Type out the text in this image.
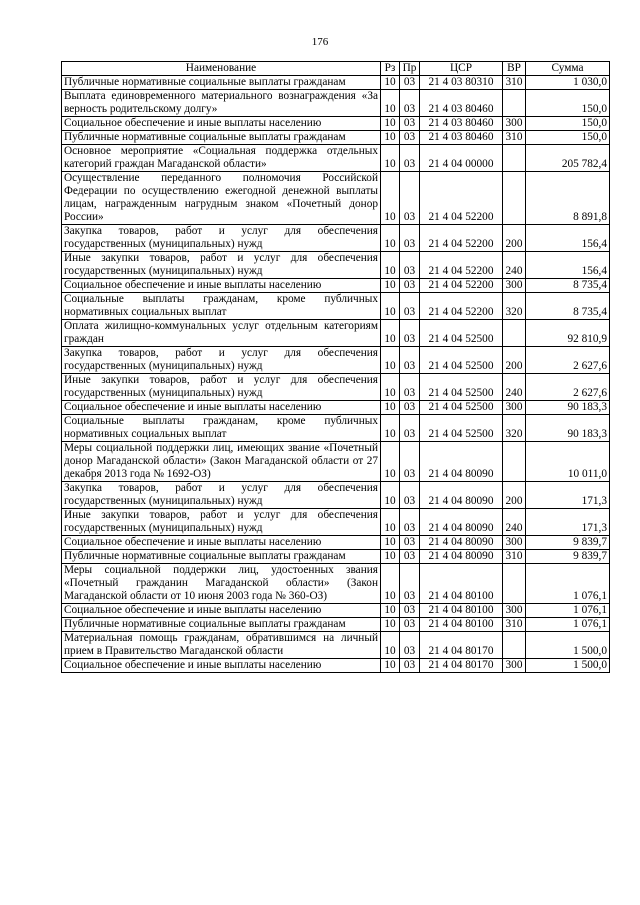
176
Наименование	Рз	Пр	ЦСР	ВР	Сумма
Публичные нормативные социальные выплаты гражданам	10	03	21 4 03 80310	310	1 030,0
Выплата единовременного материального вознаграждения «За верность родительскому долгу»	10	03	21 4 03 80460		150,0
Социальное обеспечение и иные выплаты населению	10	03	21 4 03 80460	300	150,0
Публичные нормативные социальные выплаты гражданам	10	03	21 4 03 80460	310	150,0
Основное мероприятие «Социальная поддержка отдельных категорий граждан Магаданской области»	10	03	21 4 04 00000		205 782,4
Осуществление переданного полномочия Российской Федерации по осуществлению ежегодной денежной выплаты лицам, награжденным нагрудным знаком «Почетный донор России»	10	03	21 4 04 52200		8 891,8
Закупка товаров, работ и услуг для обеспечения государственных (муниципальных) нужд	10	03	21 4 04 52200	200	156,4
Иные закупки товаров, работ и услуг для обеспечения государственных (муниципальных) нужд	10	03	21 4 04 52200	240	156,4
Социальное обеспечение и иные выплаты населению	10	03	21 4 04 52200	300	8 735,4
Социальные выплаты гражданам, кроме публичных нормативных социальных выплат	10	03	21 4 04 52200	320	8 735,4
Оплата жилищно-коммунальных услуг отдельным категориям граждан	10	03	21 4 04 52500		92 810,9
Закупка товаров, работ и услуг для обеспечения государственных (муниципальных) нужд	10	03	21 4 04 52500	200	2 627,6
Иные закупки товаров, работ и услуг для обеспечения государственных (муниципальных) нужд	10	03	21 4 04 52500	240	2 627,6
Социальное обеспечение и иные выплаты населению	10	03	21 4 04 52500	300	90 183,3
Социальные выплаты гражданам, кроме публичных нормативных социальных выплат	10	03	21 4 04 52500	320	90 183,3
Меры социальной поддержки лиц, имеющих звание «Почетный донор Магаданской области» (Закон Магаданской области от 27 декабря 2013 года № 1692-ОЗ)	10	03	21 4 04 80090		10 011,0
Закупка товаров, работ и услуг для обеспечения государственных (муниципальных) нужд	10	03	21 4 04 80090	200	171,3
Иные закупки товаров, работ и услуг для обеспечения государственных (муниципальных) нужд	10	03	21 4 04 80090	240	171,3
Социальное обеспечение и иные выплаты населению	10	03	21 4 04 80090	300	9 839,7
Публичные нормативные социальные выплаты гражданам	10	03	21 4 04 80090	310	9 839,7
Меры социальной поддержки лиц, удостоенных звания «Почетный гражданин Магаданской области» (Закон Магаданской области от 10 июня 2003 года № 360-ОЗ)	10	03	21 4 04 80100		1 076,1
Социальное обеспечение и иные выплаты населению	10	03	21 4 04 80100	300	1 076,1
Публичные нормативные социальные выплаты гражданам	10	03	21 4 04 80100	310	1 076,1
Материальная помощь гражданам, обратившимся на личный прием в Правительство Магаданской области	10	03	21 4 04 80170		1 500,0
Социальное обеспечение и иные выплаты населению	10	03	21 4 04 80170	300	1 500,0
